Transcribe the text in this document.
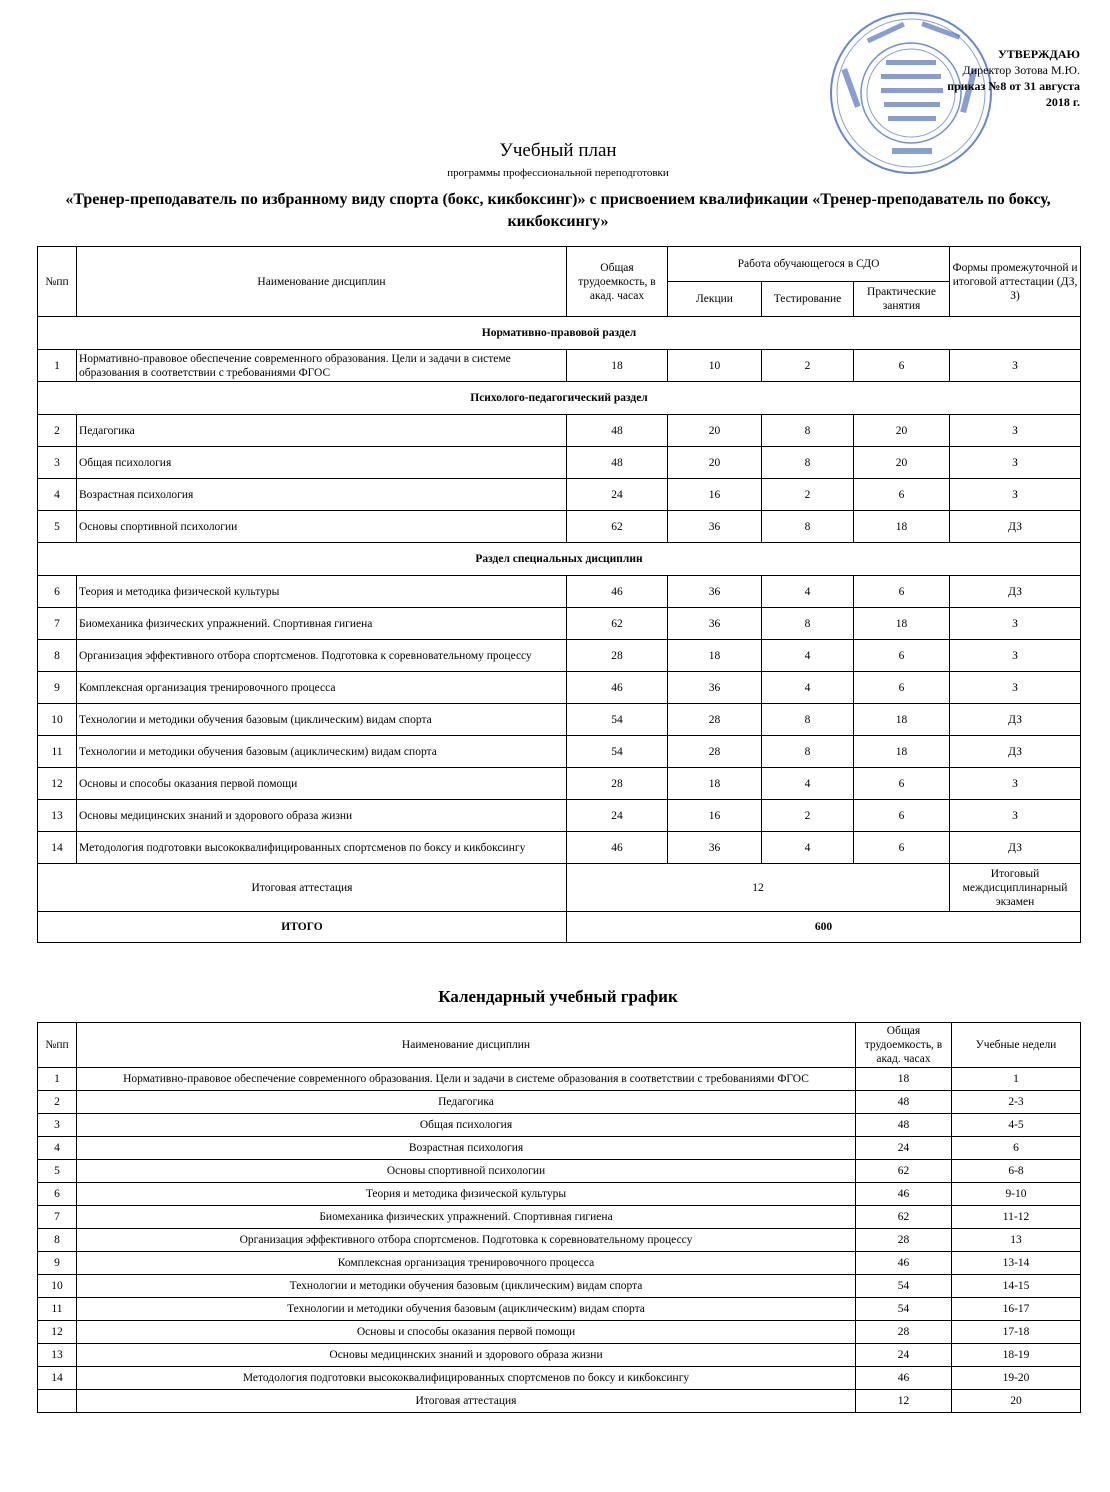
УТВЕРЖДАЮ
Директор Зотова М.Ю.
приказ №8 от 31 августа 2018 г.
Учебный план
программы профессиональной переподготовки
«Тренер-преподаватель по избранному виду спорта (бокс, кикбоксинг)» с присвоением квалификации «Тренер-преподаватель по боксу, кикбоксингу»
№пп	Наименование дисциплин	Общая трудоемкость, в акад. часах	Работа обучающегося в СДО			Формы промежуточной и итоговой аттестации (ДЗ, З)
			Лекции	Тестирование	Практические занятия	
Нормативно-правовой раздел						
1	Нормативно-правовое обеспечение современного образования. Цели и задачи в системе образования в соответствии с требованиями ФГОС	18	10	2	6	З
Психолого-педагогический раздел						
2	Педагогика	48	20	8	20	З
3	Общая психология	48	20	8	20	З
4	Возрастная психология	24	16	2	6	З
5	Основы спортивной психологии	62	36	8	18	ДЗ
Раздел специальных дисциплин						
6	Теория и методика физической культуры	46	36	4	6	ДЗ
7	Биомеханика физических упражнений. Спортивная гигиена	62	36	8	18	З
8	Организация эффективного отбора спортсменов. Подготовка к соревновательному процессу	28	18	4	6	З
9	Комплексная организация тренировочного процесса	46	36	4	6	З
10	Технологии и методики обучения базовым (циклическим) видам спорта	54	28	8	18	ДЗ
11	Технологии и методики обучения базовым (ациклическим) видам спорта	54	28	8	18	ДЗ
12	Основы и способы оказания первой помощи	28	18	4	6	З
13	Основы медицинских знаний и здорового образа жизни	24	16	2	6	З
14	Методология подготовки высококвалифицированных спортсменов по боксу и кикбоксингу	46	36	4	6	ДЗ
Итоговая аттестация		12				Итоговый междисциплинарный экзамен
ИТОГО		600				
Календарный учебный график
№пп	Наименование дисциплин	Общая трудоемкость, в акад. часах	Учебные недели
1	Нормативно-правовое обеспечение современного образования. Цели и задачи в системе образования в соответствии с требованиями ФГОС	18	1
2	Педагогика	48	2-3
3	Общая психология	48	4-5
4	Возрастная психология	24	6
5	Основы спортивной психологии	62	6-8
6	Теория и методика физической культуры	46	9-10
7	Биомеханика физических упражнений. Спортивная гигиена	62	11-12
8	Организация эффективного отбора спортсменов. Подготовка к соревновательному процессу	28	13
9	Комплексная организация тренировочного процесса	46	13-14
10	Технологии и методики обучения базовым (циклическим) видам спорта	54	14-15
11	Технологии и методики обучения базовым (ациклическим) видам спорта	54	16-17
12	Основы и способы оказания первой помощи	28	17-18
13	Основы медицинских знаний и здорового образа жизни	24	18-19
14	Методология подготовки высококвалифицированных спортсменов по боксу и кикбоксингу	46	19-20
	Итоговая аттестация	12	20
